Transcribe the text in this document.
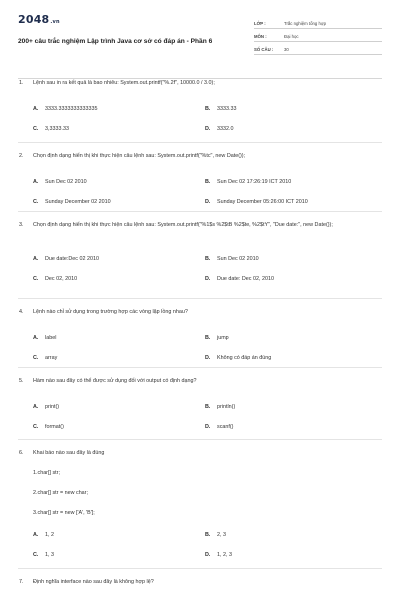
2048.vn
200+ câu trắc nghiệm Lập trình Java cơ sở có đáp án - Phần 6
LỚP :	Trắc nghiệm tổng hợp
MÔN :	Đại học
SỐ CÂU :	30
1.	Lệnh sau in ra kết quả là bao nhiêu: System.out.printf("%.2f", 10000.0 / 3.0);
A.	3333.3333333333335	B.	3333.33
C.	3,3333.33	D.	3332.0
2.	Chọn định dạng hiển thị khi thực hiện câu lệnh sau: System.out.printf("%tc", new Date());
A.	Sun Dec 02 2010	B.	Sun Dec 02 17:26:19 ICT 2010
C.	Sunday December 02 2010	D.	Sunday December 05:26:00 ICT 2010
3.	Chọn định dạng hiển thị khi thực hiện câu lệnh sau: System.out.printf("%1$s %2$tB %2$te, %2$tY", "Due date:", new Date());
A.	Due date:Dec 02 2010	B.	Sun Dec 02 2010
C.	Dec 02, 2010	D.	Due date: Dec 02, 2010
4.	Lệnh nào chỉ sử dụng trong trường hợp các vòng lặp lồng nhau?
A.	label	B.	jump
C.	array	D.	Không có đáp án đúng
5.	Hàm nào sau đây có thể được sử dụng đối với output có định dạng?
A.	print()	B.	println()
C.	format()	D.	scanf()
6.	Khai báo nào sau đây là đúng
1.char[] str;
2.char[] str = new char;
3.char[] str = new ['A', 'B'];
A.	1, 2	B.	2, 3
C.	1, 3	D.	1, 2, 3
7.	Định nghĩa interface nào sau đây là không hợp lệ?
